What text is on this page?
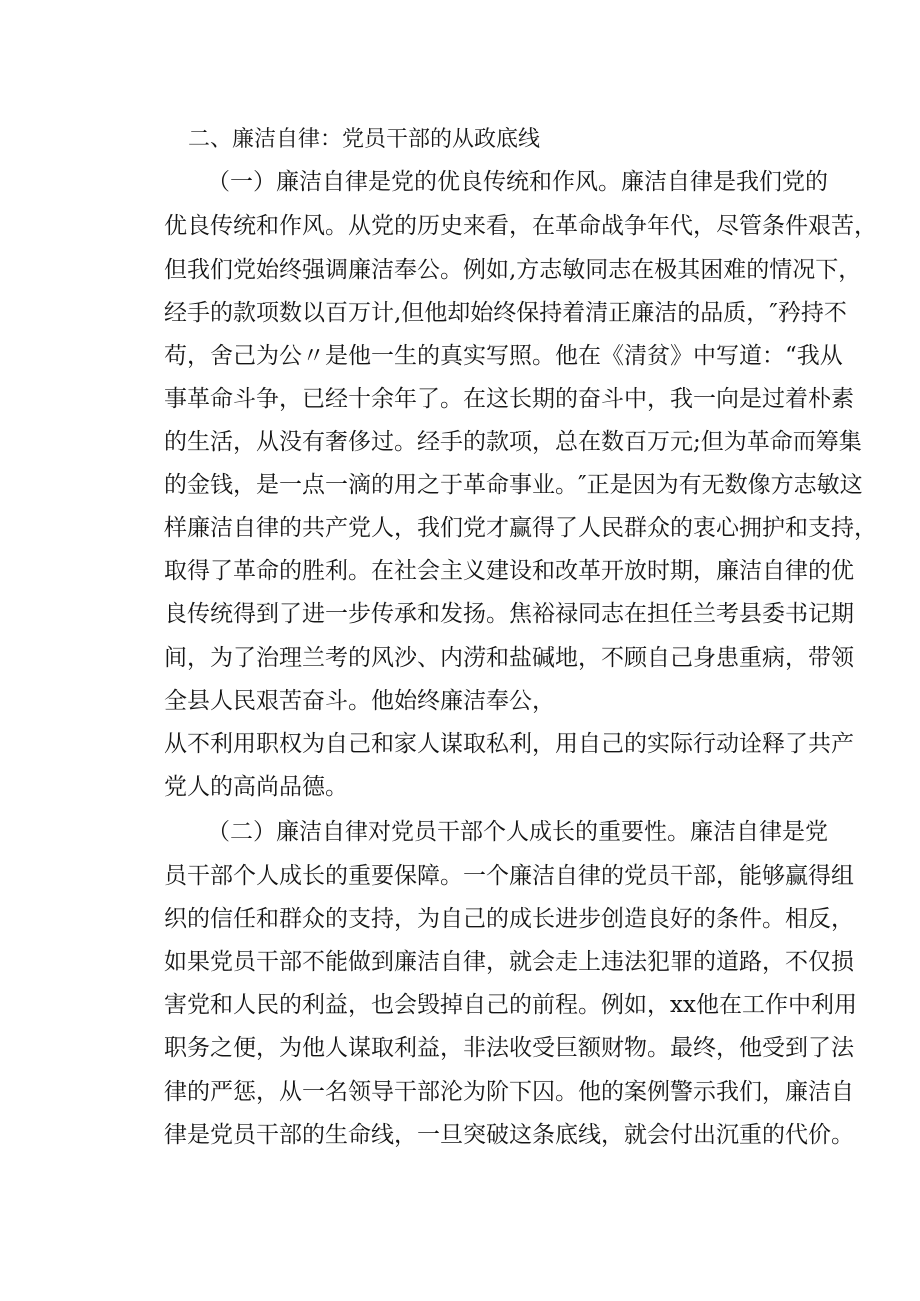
二、廉洁自律：党员干部的从政底线
（一）廉洁自律是党的优良传统和作风。廉洁自律是我们党的
优良传统和作风。从党的历史来看，在革命战争年代，尽管条件艰苦，
但我们党始终强调廉洁奉公。例如,方志敏同志在极其困难的情况下，
经手的款项数以百万计,但他却始终保持着清正廉洁的品质，″矜持不
苟，舍己为公〃是他一生的真实写照。他在《清贫》中写道：“我从
事革命斗争，已经十余年了。在这长期的奋斗中，我一向是过着朴素
的生活，从没有奢侈过。经手的款项，总在数百万元;但为革命而筹集
的金钱，是一点一滴的用之于革命事业。″正是因为有无数像方志敏这
样廉洁自律的共产党人，我们党才赢得了人民群众的衷心拥护和支持，
取得了革命的胜利。在社会主义建设和改革开放时期，廉洁自律的优
良传统得到了进一步传承和发扬。焦裕禄同志在担任兰考县委书记期
间，为了治理兰考的风沙、内涝和盐碱地，不顾自己身患重病，带领
全县人民艰苦奋斗。他始终廉洁奉公，
从不利用职权为自己和家人谋取私利，用自己的实际行动诠释了共产
党人的高尚品德。
（二）廉洁自律对党员干部个人成长的重要性。廉洁自律是党
员干部个人成长的重要保障。一个廉洁自律的党员干部，能够赢得组
织的信任和群众的支持，为自己的成长进步创造良好的条件。相反，
如果党员干部不能做到廉洁自律，就会走上违法犯罪的道路，不仅损
害党和人民的利益，也会毁掉自己的前程。例如，xx他在工作中利用
职务之便，为他人谋取利益，非法收受巨额财物。最终，他受到了法
律的严惩，从一名领导干部沦为阶下囚。他的案例警示我们，廉洁自
律是党员干部的生命线，一旦突破这条底线，就会付出沉重的代价。
